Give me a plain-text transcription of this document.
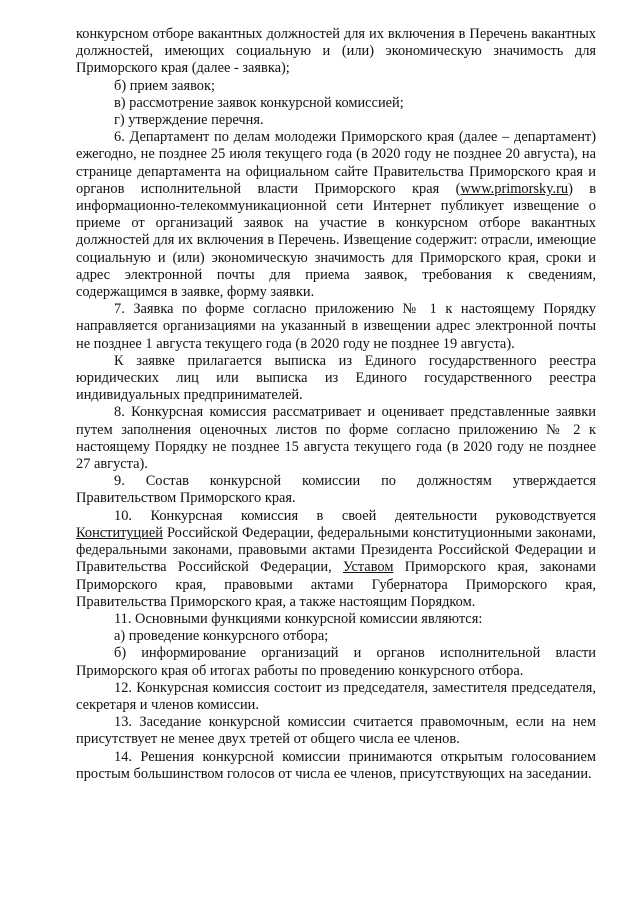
конкурсном отборе вакантных должностей для их включения в Перечень вакантных должностей, имеющих социальную и (или) экономическую значимость для Приморского края (далее - заявка);

б) прием заявок;

в) рассмотрение заявок конкурсной комиссией;

г) утверждение перечня.

6. Департамент по делам молодежи Приморского края (далее – департамент) ежегодно, не позднее 25 июля текущего года (в 2020 году не позднее 20 августа), на странице департамента на официальном сайте Правительства Приморского края и органов исполнительной власти Приморского края (www.primorsky.ru) в информационно-телекоммуникационной сети Интернет публикует извещение о приеме от организаций заявок на участие в конкурсном отборе вакантных должностей для их включения в Перечень. Извещение содержит: отрасли, имеющие социальную и (или) экономическую значимость для Приморского края, сроки и адрес электронной почты для приема заявок, требования к сведениям, содержащимся в заявке, форму заявки.

7. Заявка по форме согласно приложению № 1 к настоящему Порядку направляется организациями на указанный в извещении адрес электронной почты не позднее 1 августа текущего года (в 2020 году не позднее 19 августа).

К заявке прилагается выписка из Единого государственного реестра юридических лиц или выписка из Единого государственного реестра индивидуальных предпринимателей.

8. Конкурсная комиссия рассматривает и оценивает представленные заявки путем заполнения оценочных листов по форме согласно приложению № 2 к настоящему Порядку не позднее 15 августа текущего года (в 2020 году не позднее 27 августа).

9. Состав конкурсной комиссии по должностям утверждается Правительством Приморского края.

10. Конкурсная комиссия в своей деятельности руководствуется Конституцией Российской Федерации, федеральными конституционными законами, федеральными законами, правовыми актами Президента Российской Федерации и Правительства Российской Федерации, Уставом Приморского края, законами Приморского края, правовыми актами Губернатора Приморского края, Правительства Приморского края, а также настоящим Порядком.

11. Основными функциями конкурсной комиссии являются:

а) проведение конкурсного отбора;

б) информирование организаций и органов исполнительной власти Приморского края об итогах работы по проведению конкурсного отбора.

12. Конкурсная комиссия состоит из председателя, заместителя председателя, секретаря и членов комиссии.

13. Заседание конкурсной комиссии считается правомочным, если на нем присутствует не менее двух третей от общего числа ее членов.

14. Решения конкурсной комиссии принимаются открытым голосованием простым большинством голосов от числа ее членов, присутствующих на заседании.
